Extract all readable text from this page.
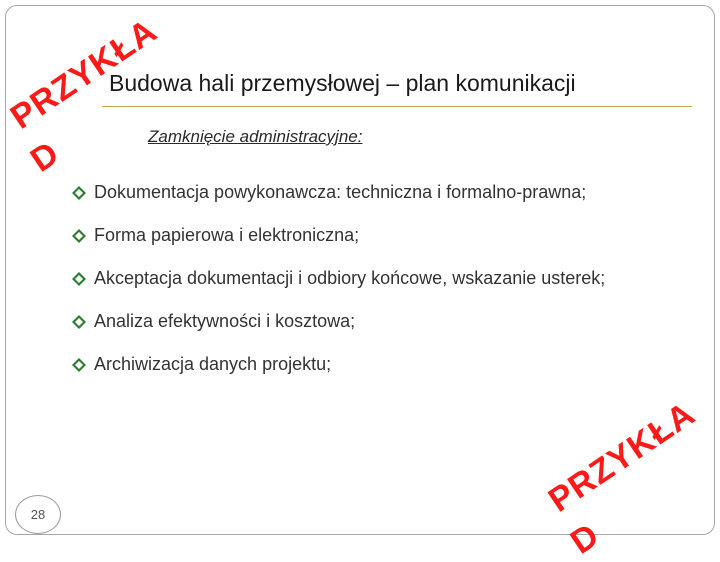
PRZYKŁA
D
Budowa hali przemysłowej – plan komunikacji
Zamknięcie administracyjne:
Dokumentacja powykonawcza: techniczna i formalno-prawna;
Forma papierowa i elektroniczna;
Akceptacja dokumentacji i odbiory końcowe, wskazanie usterek;
Analiza efektywności i kosztowa;
Archiwizacja danych projektu;
PRZYKŁA
D
28
